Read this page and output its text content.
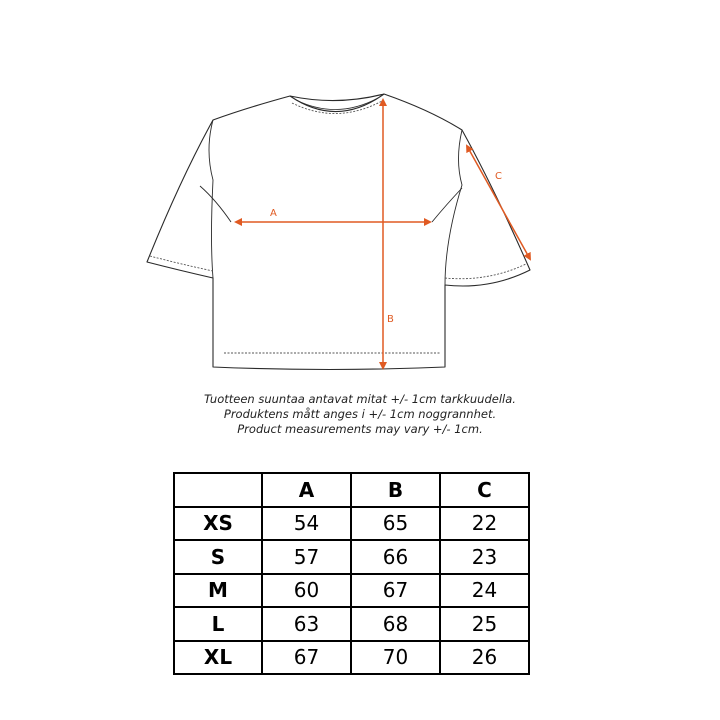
A
B
C
Tuotteen suuntaa antavat mitat +/- 1cm tarkkuudella.
Produktens mått anges i +/- 1cm noggrannhet.
Product measurements may vary +/- 1cm.
	A	B	C
XS	54	65	22
S	57	66	23
M	60	67	24
L	63	68	25
XL	67	70	26
